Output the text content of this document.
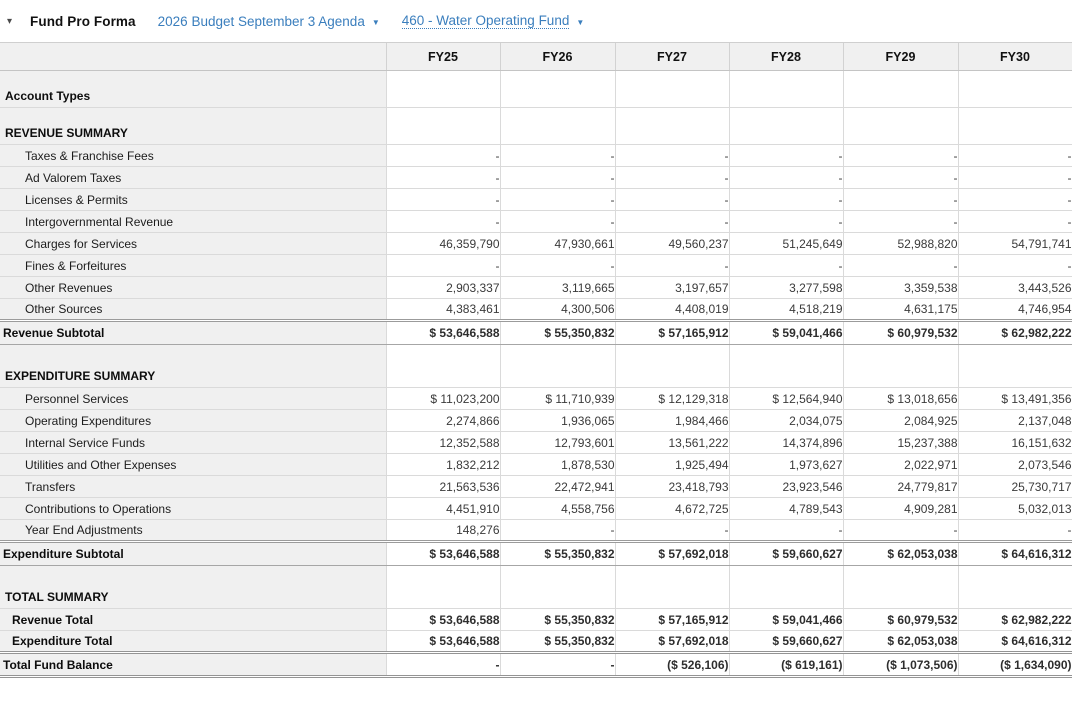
▾	Fund Pro Forma 2026 Budget September 3 Agenda ▼ 460 - Water Operating Fund ▼
	FY25	FY26	FY27	FY28	FY29	FY30
Account Types						
REVENUE SUMMARY						
Taxes & Franchise Fees	-	-	-	-	-	-
Ad Valorem Taxes	-	-	-	-	-	-
Licenses & Permits	-	-	-	-	-	-
Intergovernmental Revenue	-	-	-	-	-	-
Charges for Services	46,359,790	47,930,661	49,560,237	51,245,649	52,988,820	54,791,741
Fines & Forfeitures	-	-	-	-	-	-
Other Revenues	2,903,337	3,119,665	3,197,657	3,277,598	3,359,538	3,443,526
Other Sources	4,383,461	4,300,506	4,408,019	4,518,219	4,631,175	4,746,954
Revenue Subtotal	$ 53,646,588	$ 55,350,832	$ 57,165,912	$ 59,041,466	$ 60,979,532	$ 62,982,222
EXPENDITURE SUMMARY						
Personnel Services	$ 11,023,200	$ 11,710,939	$ 12,129,318	$ 12,564,940	$ 13,018,656	$ 13,491,356
Operating Expenditures	2,274,866	1,936,065	1,984,466	2,034,075	2,084,925	2,137,048
Internal Service Funds	12,352,588	12,793,601	13,561,222	14,374,896	15,237,388	16,151,632
Utilities and Other Expenses	1,832,212	1,878,530	1,925,494	1,973,627	2,022,971	2,073,546
Transfers	21,563,536	22,472,941	23,418,793	23,923,546	24,779,817	25,730,717
Contributions to Operations	4,451,910	4,558,756	4,672,725	4,789,543	4,909,281	5,032,013
Year End Adjustments	148,276	-	-	-	-	-
Expenditure Subtotal	$ 53,646,588	$ 55,350,832	$ 57,692,018	$ 59,660,627	$ 62,053,038	$ 64,616,312
TOTAL SUMMARY						
Revenue Total	$ 53,646,588	$ 55,350,832	$ 57,165,912	$ 59,041,466	$ 60,979,532	$ 62,982,222
Expenditure Total	$ 53,646,588	$ 55,350,832	$ 57,692,018	$ 59,660,627	$ 62,053,038	$ 64,616,312
Total Fund Balance	-	-	($ 526,106)	($ 619,161)	($ 1,073,506)	($ 1,634,090)
